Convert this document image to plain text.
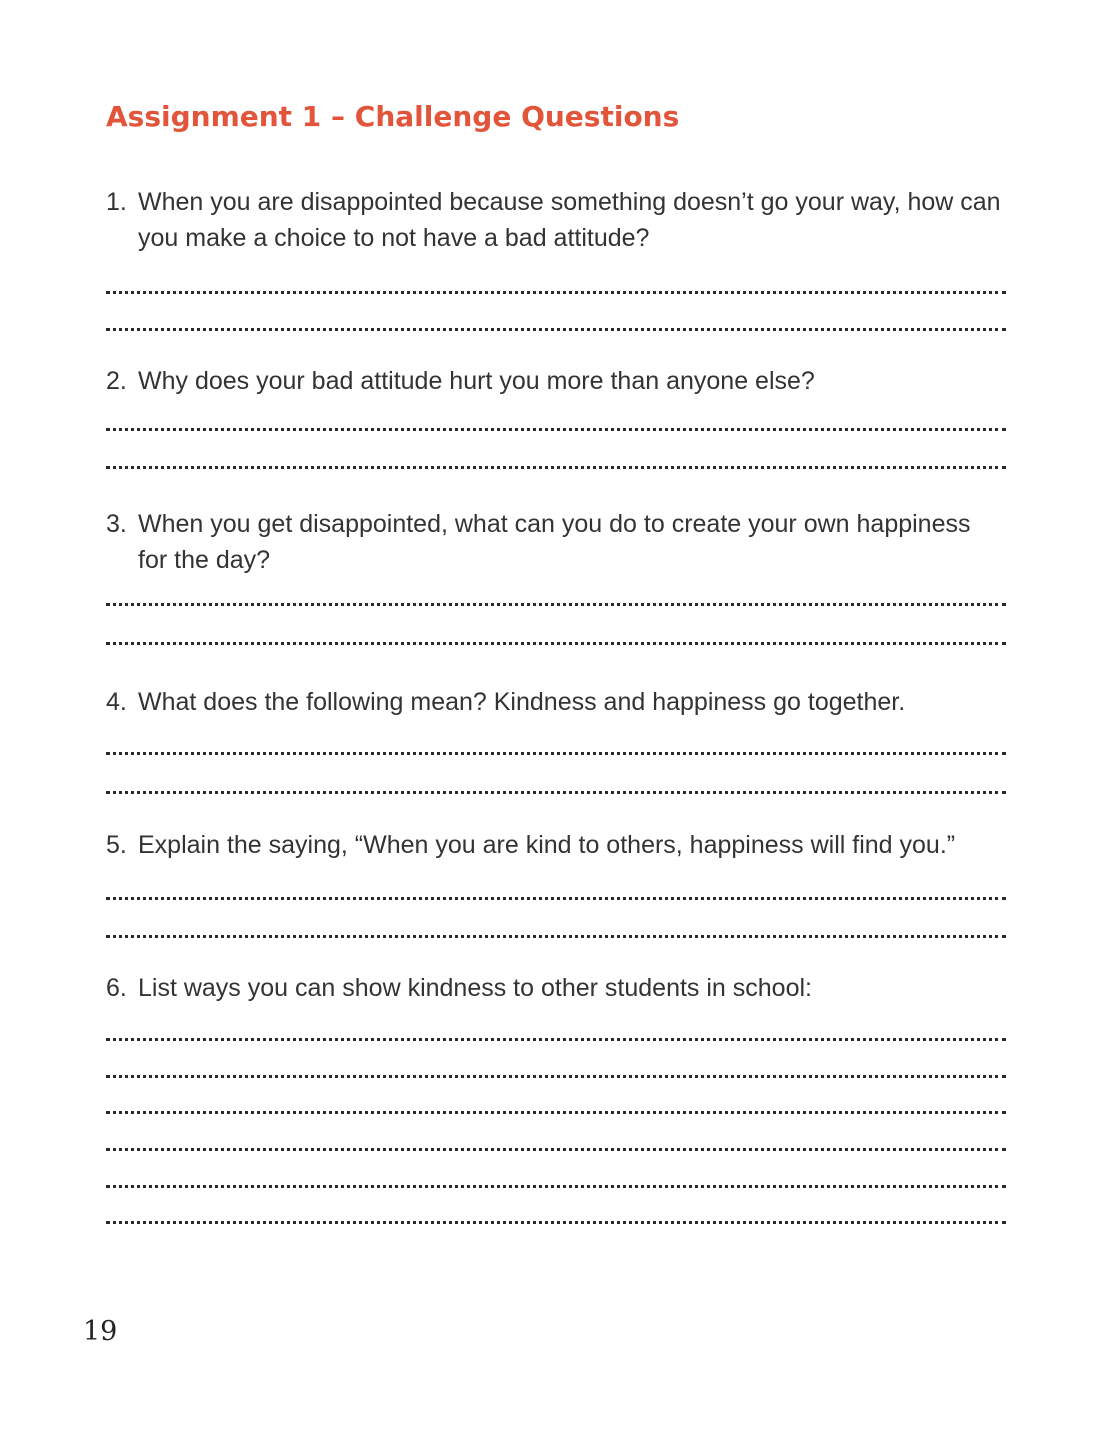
Assignment 1 – Challenge Questions
1. When you are disappointed because something doesn’t go your way, how can you make a choice to not have a bad attitude?
2. Why does your bad attitude hurt you more than anyone else?
3. When you get disappointed, what can you do to create your own happiness for the day?
4. What does the following mean? Kindness and happiness go together.
5. Explain the saying, “When you are kind to others, happiness will find you.”
6. List ways you can show kindness to other students in school:
19
